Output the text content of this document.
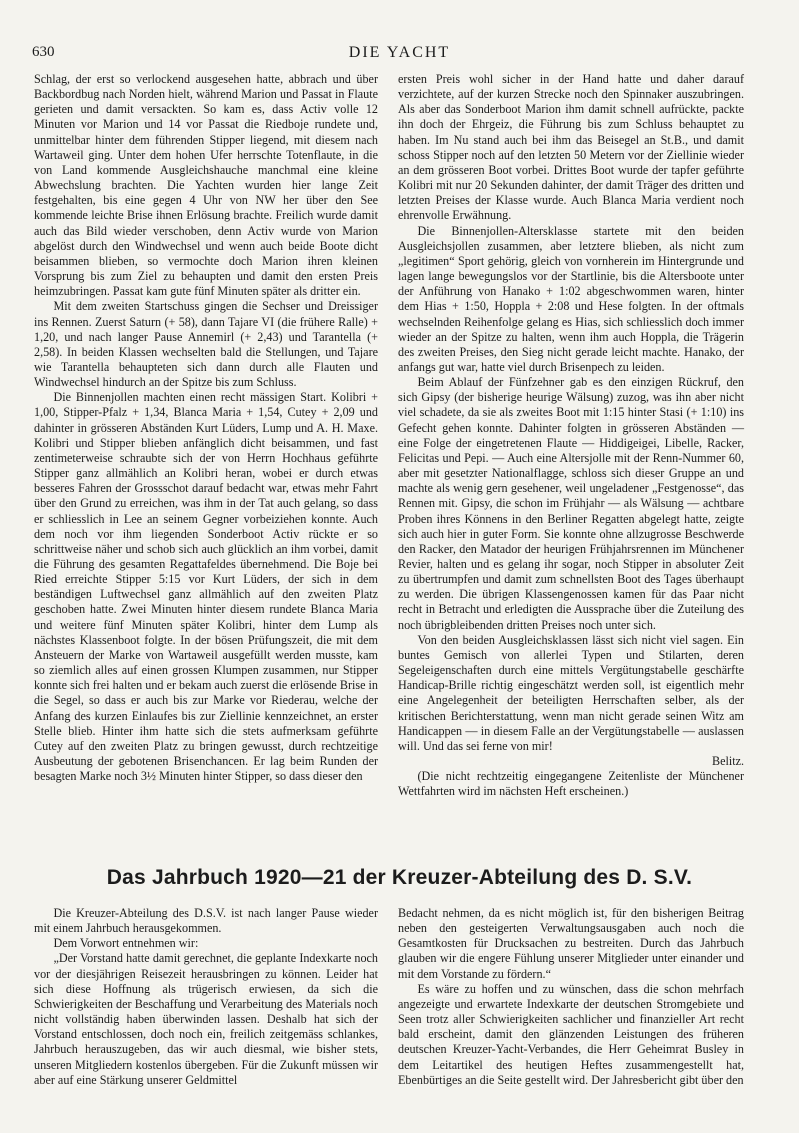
630	DIE YACHT

Schlag, der erst so verlockend ausgesehen hatte, abbrach und über Backbordbug nach Norden hielt, während Marion und Passat in Flaute gerieten und damit versackten. So kam es, dass Activ volle 12 Minuten vor Marion und 14 vor Passat die Riedboje rundete und, unmittelbar hinter dem führenden Stipper liegend, mit diesem nach Wartaweil ging. Unter dem hohen Ufer herrschte Totenflaute, in die von Land kommende Ausgleichshauche manchmal eine kleine Abwechslung brachten. Die Yachten wurden hier lange Zeit festgehalten, bis eine gegen 4 Uhr von NW her über den See kommende leichte Brise ihnen Erlösung brachte. Freilich wurde damit auch das Bild wieder verschoben, denn Activ wurde von Marion abgelöst durch den Windwechsel und wenn auch beide Boote dicht beisammen blieben, so vermochte doch Marion ihren kleinen Vorsprung bis zum Ziel zu behaupten und damit den ersten Preis heimzubringen. Passat kam gute fünf Minuten später als dritter ein.

Mit dem zweiten Startschuss gingen die Sechser und Dreissiger ins Rennen. Zuerst Saturn (+ 58), dann Tajare VI (die frühere Ralle) + 1,20, und nach langer Pause Annemirl (+ 2,43) und Tarantella (+ 2,58). In beiden Klassen wechselten bald die Stellungen, und Tajare wie Tarantella behaupteten sich dann durch alle Flauten und Windwechsel hindurch an der Spitze bis zum Schluss.

Die Binnenjollen machten einen recht mässigen Start. Kolibri + 1,00, Stipper-Pfalz + 1,34, Blanca Maria + 1,54, Cutey + 2,09 und dahinter in grösseren Abständen Kurt Lüders, Lump und A. H. Maxe. Kolibri und Stipper blieben anfänglich dicht beisammen, und fast zentimeterweise schraubte sich der von Herrn Hochhaus geführte Stipper ganz allmählich an Kolibri heran, wobei er durch etwas besseres Fahren der Grossschot darauf bedacht war, etwas mehr Fahrt über den Grund zu erreichen, was ihm in der Tat auch gelang, so dass er schliesslich in Lee an seinem Gegner vorbeiziehen konnte. Auch dem noch vor ihm liegenden Sonderboot Activ rückte er so schrittweise näher und schob sich auch glücklich an ihm vorbei, damit die Führung des gesamten Regattafeldes übernehmend. Die Boje bei Ried erreichte Stipper 5:15 vor Kurt Lüders, der sich in dem beständigen Luftwechsel ganz allmählich auf den zweiten Platz geschoben hatte. Zwei Minuten hinter diesem rundete Blanca Maria und weitere fünf Minuten später Kolibri, hinter dem Lump als nächstes Klassenboot folgte. In der bösen Prüfungszeit, die mit dem Ansteuern der Marke von Wartaweil ausgefüllt werden musste, kam so ziemlich alles auf einen grossen Klumpen zusammen, nur Stipper konnte sich frei halten und er bekam auch zuerst die erlösende Brise in die Segel, so dass er auch bis zur Marke vor Riederau, welche der Anfang des kurzen Einlaufes bis zur Ziellinie kennzeichnet, an erster Stelle blieb. Hinter ihm hatte sich die stets aufmerksam geführte Cutey auf den zweiten Platz zu bringen gewusst, durch rechtzeitige Ausbeutung der gebotenen Brisenchancen. Er lag beim Runden der besagten Marke noch 3½ Minuten hinter Stipper, so dass dieser den

ersten Preis wohl sicher in der Hand hatte und daher darauf verzichtete, auf der kurzen Strecke noch den Spinnaker auszubringen. Als aber das Sonderboot Marion ihm damit schnell aufrückte, packte ihn doch der Ehrgeiz, die Führung bis zum Schluss behauptet zu haben. Im Nu stand auch bei ihm das Beisegel an St.B., und damit schoss Stipper noch auf den letzten 50 Metern vor der Ziellinie wieder an dem grösseren Boot vorbei. Drittes Boot wurde der tapfer geführte Kolibri mit nur 20 Sekunden dahinter, der damit Träger des dritten und letzten Preises der Klasse wurde. Auch Blanca Maria verdient noch ehrenvolle Erwähnung.

Die Binnenjollen-Altersklasse startete mit den beiden Ausgleichsjollen zusammen, aber letztere blieben, als nicht zum „legitimen“ Sport gehörig, gleich von vornherein im Hintergrunde und lagen lange bewegungslos vor der Startlinie, bis die Altersboote unter der Anführung von Hanako + 1:02 abgeschwommen waren, hinter dem Hias + 1:50, Hoppla + 2:08 und Hese folgten. In der oftmals wechselnden Reihenfolge gelang es Hias, sich schliesslich doch immer wieder an der Spitze zu halten, wenn ihm auch Hoppla, die Trägerin des zweiten Preises, den Sieg nicht gerade leicht machte. Hanako, der anfangs gut war, hatte viel durch Brisenpech zu leiden.

Beim Ablauf der Fünfzehner gab es den einzigen Rückruf, den sich Gipsy (der bisherige heurige Wälsung) zuzog, was ihn aber nicht viel schadete, da sie als zweites Boot mit 1:15 hinter Stasi (+ 1:10) ins Gefecht gehen konnte. Dahinter folgten in grösseren Abständen — eine Folge der eingetretenen Flaute — Hiddigeigei, Libelle, Racker, Felicitas und Pepi. — Auch eine Altersjolle mit der Renn-Nummer 60, aber mit gesetzter Nationalflagge, schloss sich dieser Gruppe an und machte als wenig gern gesehener, weil ungeladener „Festgenosse“, das Rennen mit. Gipsy, die schon im Frühjahr — als Wälsung — achtbare Proben ihres Könnens in den Berliner Regatten abgelegt hatte, zeigte sich auch hier in guter Form. Sie konnte ohne allzugrosse Beschwerde den Racker, den Matador der heurigen Frühjahrsrennen im Münchener Revier, halten und es gelang ihr sogar, noch Stipper in absoluter Zeit zu übertrumpfen und damit zum schnellsten Boot des Tages überhaupt zu werden. Die übrigen Klassengenossen kamen für das Paar nicht recht in Betracht und erledigten die Aussprache über die Zuteilung des noch übrigbleibenden dritten Preises noch unter sich.

Von den beiden Ausgleichsklassen lässt sich nicht viel sagen. Ein buntes Gemisch von allerlei Typen und Stilarten, deren Segeleigenschaften durch eine mittels Vergütungstabelle geschärfte Handicap-Brille richtig eingeschätzt werden soll, ist eigentlich mehr eine Angelegenheit der beteiligten Herrschaften selber, als der kritischen Berichterstattung, wenn man nicht gerade seinen Witz am Handicappen — in diesem Falle an der Vergütungstabelle — auslassen will. Und das sei ferne von mir!

Belitz.

(Die nicht rechtzeitig eingegangene Zeitenliste der Münchener Wettfahrten wird im nächsten Heft erscheinen.)

Das Jahrbuch 1920—21 der Kreuzer-Abteilung des D. S.V.

Die Kreuzer-Abteilung des D.S.V. ist nach langer Pause wieder mit einem Jahrbuch herausgekommen.

Dem Vorwort entnehmen wir:

„Der Vorstand hatte damit gerechnet, die geplante Indexkarte noch vor der diesjährigen Reisezeit herausbringen zu können. Leider hat sich diese Hoffnung als trügerisch erwiesen, da sich die Schwierigkeiten der Beschaffung und Verarbeitung des Materials noch nicht vollständig haben überwinden lassen. Deshalb hat sich der Vorstand entschlossen, doch noch ein, freilich zeitgemäss schlankes, Jahrbuch herauszugeben, das wir auch diesmal, wie bisher stets, unseren Mitgliedern kostenlos übergeben. Für die Zukunft müssen wir aber auf eine Stärkung unserer Geldmittel

Bedacht nehmen, da es nicht möglich ist, für den bisherigen Beitrag neben den gesteigerten Verwaltungsausgaben auch noch die Gesamtkosten für Drucksachen zu bestreiten. Durch das Jahrbuch glauben wir die engere Fühlung unserer Mitglieder unter einander und mit dem Vorstande zu fördern.“

Es wäre zu hoffen und zu wünschen, dass die schon mehrfach angezeigte und erwartete Indexkarte der deutschen Stromgebiete und Seen trotz aller Schwierigkeiten sachlicher und finanzieller Art recht bald erscheint, damit den glänzenden Leistungen des früheren deutschen Kreuzer-Yacht-Verbandes, die Herr Geheimrat Busley in dem Leitartikel des heutigen Heftes zusammengestellt hat, Ebenbürtiges an die Seite gestellt wird. Der Jahresbericht gibt über den
